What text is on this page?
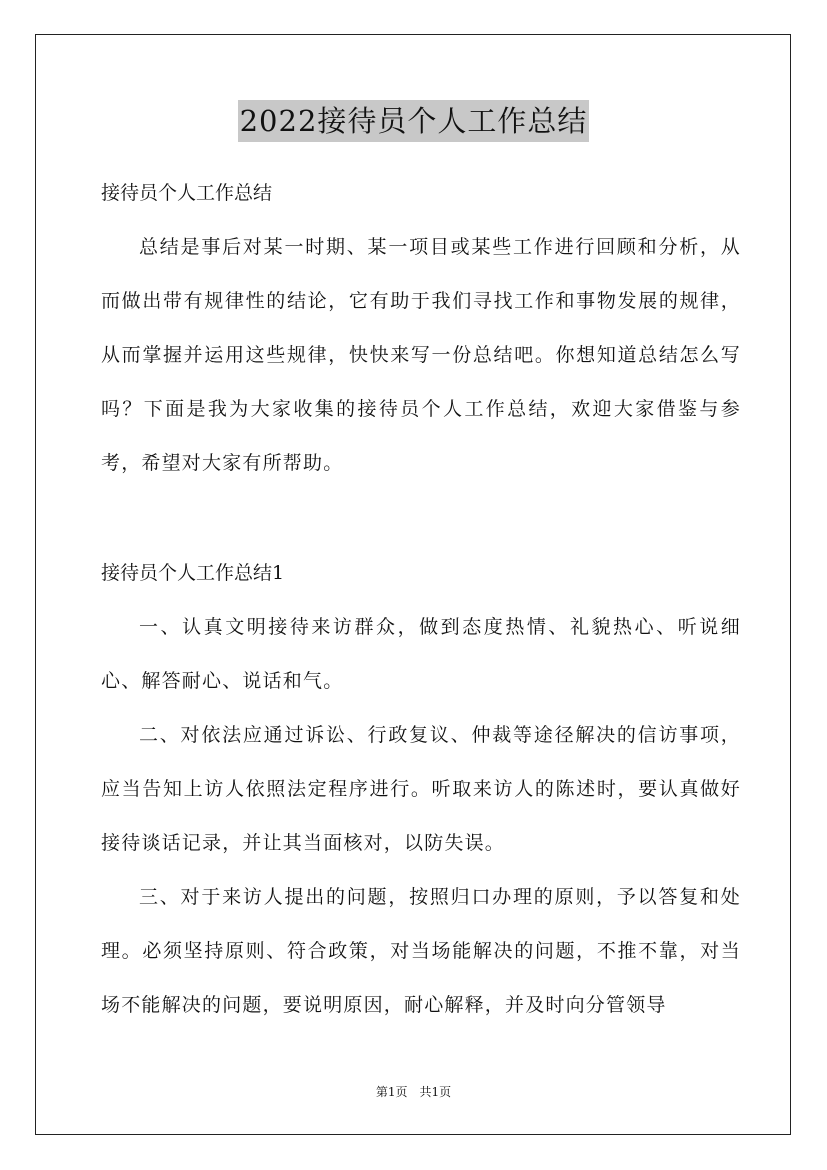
2022接待员个人工作总结
接待员个人工作总结

总结是事后对某一时期、某一项目或某些工作进行回顾和分析，从而做出带有规律性的结论，它有助于我们寻找工作和事物发展的规律，从而掌握并运用这些规律，快快来写一份总结吧。你想知道总结怎么写吗？下面是我为大家收集的接待员个人工作总结，欢迎大家借鉴与参考，希望对大家有所帮助。

接待员个人工作总结1

一、认真文明接待来访群众，做到态度热情、礼貌热心、听说细心、解答耐心、说话和气。

二、对依法应通过诉讼、行政复议、仲裁等途径解决的信访事项，应当告知上访人依照法定程序进行。听取来访人的陈述时，要认真做好接待谈话记录，并让其当面核对，以防失误。

三、对于来访人提出的问题，按照归口办理的原则，予以答复和处理。必须坚持原则、符合政策，对当场能解决的问题，不推不靠，对当场不能解决的问题，要说明原因，耐心解释，并及时向分管领导

第1页　共1页
